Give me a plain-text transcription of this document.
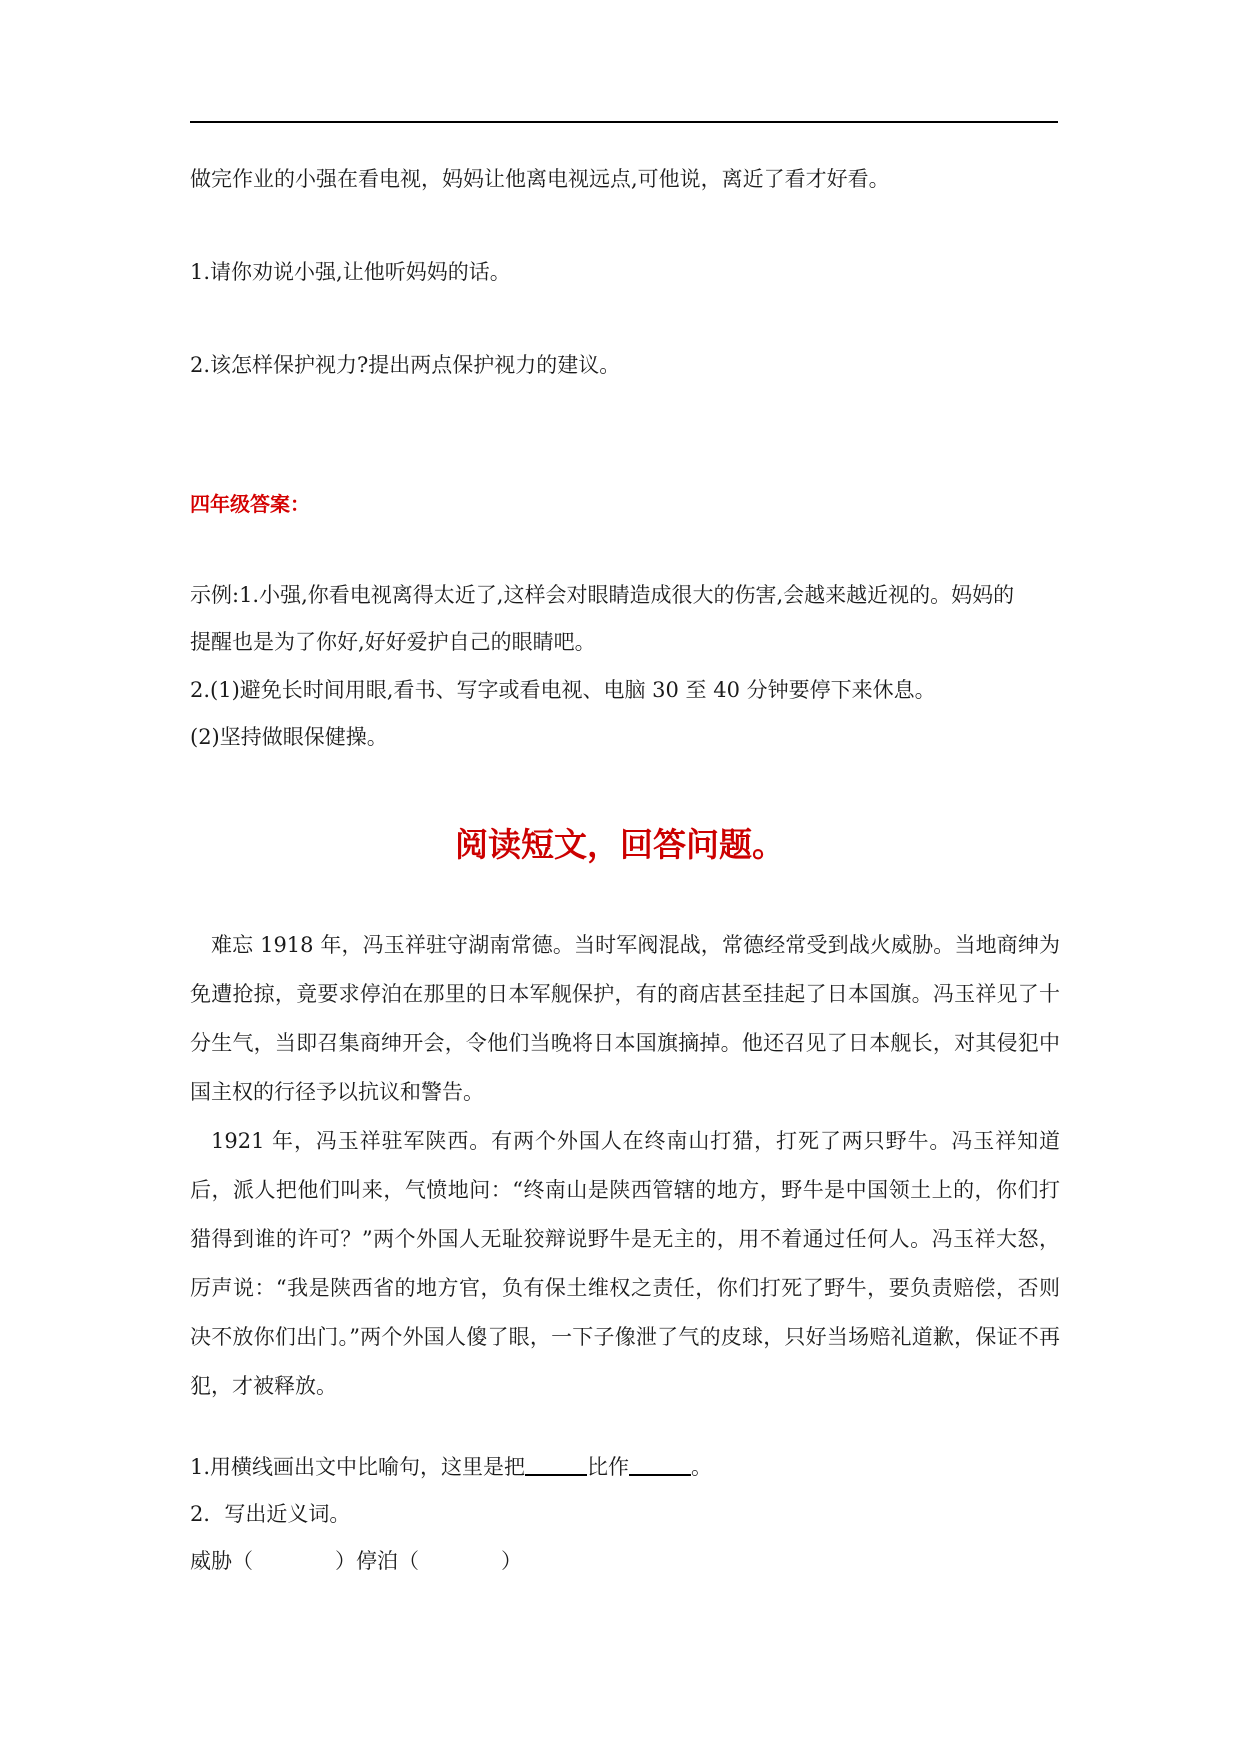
做完作业的小强在看电视，妈妈让他离电视远点,可他说，离近了看才好看。
1.请你劝说小强,让他听妈妈的话。
2.该怎样保护视力?提出两点保护视力的建议。
四年级答案：
示例:1.小强,你看电视离得太近了,这样会对眼睛造成很大的伤害,会越来越近视的。妈妈的
提醒也是为了你好,好好爱护自己的眼睛吧。
2.(1)避免长时间用眼,看书、写字或看电视、电脑 30 至 40 分钟要停下来休息。
(2)坚持做眼保健操。
阅读短文，回答问题。

难忘 1918 年，冯玉祥驻守湖南常德。当时军阀混战，常德经常受到战火威胁。当地商绅为免遭抢掠，竟要求停泊在那里的日本军舰保护，有的商店甚至挂起了日本国旗。冯玉祥见了十分生气，当即召集商绅开会，令他们当晚将日本国旗摘掉。他还召见了日本舰长，对其侵犯中国主权的行径予以抗议和警告。

1921 年，冯玉祥驻军陕西。有两个外国人在终南山打猎，打死了两只野牛。冯玉祥知道后，派人把他们叫来，气愤地问：“终南山是陕西管辖的地方，野牛是中国领土上的，你们打猎得到谁的许可？”两个外国人无耻狡辩说野牛是无主的，用不着通过任何人。冯玉祥大怒，厉声说：“我是陕西省的地方官，负有保土维权之责任，你们打死了野牛，要负责赔偿，否则决不放你们出门。”两个外国人傻了眼，一下子像泄了气的皮球，只好当场赔礼道歉，保证不再犯，才被释放。

1.用横线画出文中比喻句，这里是把	比作	。
2．写出近义词。
威胁（	）停泊（	）
